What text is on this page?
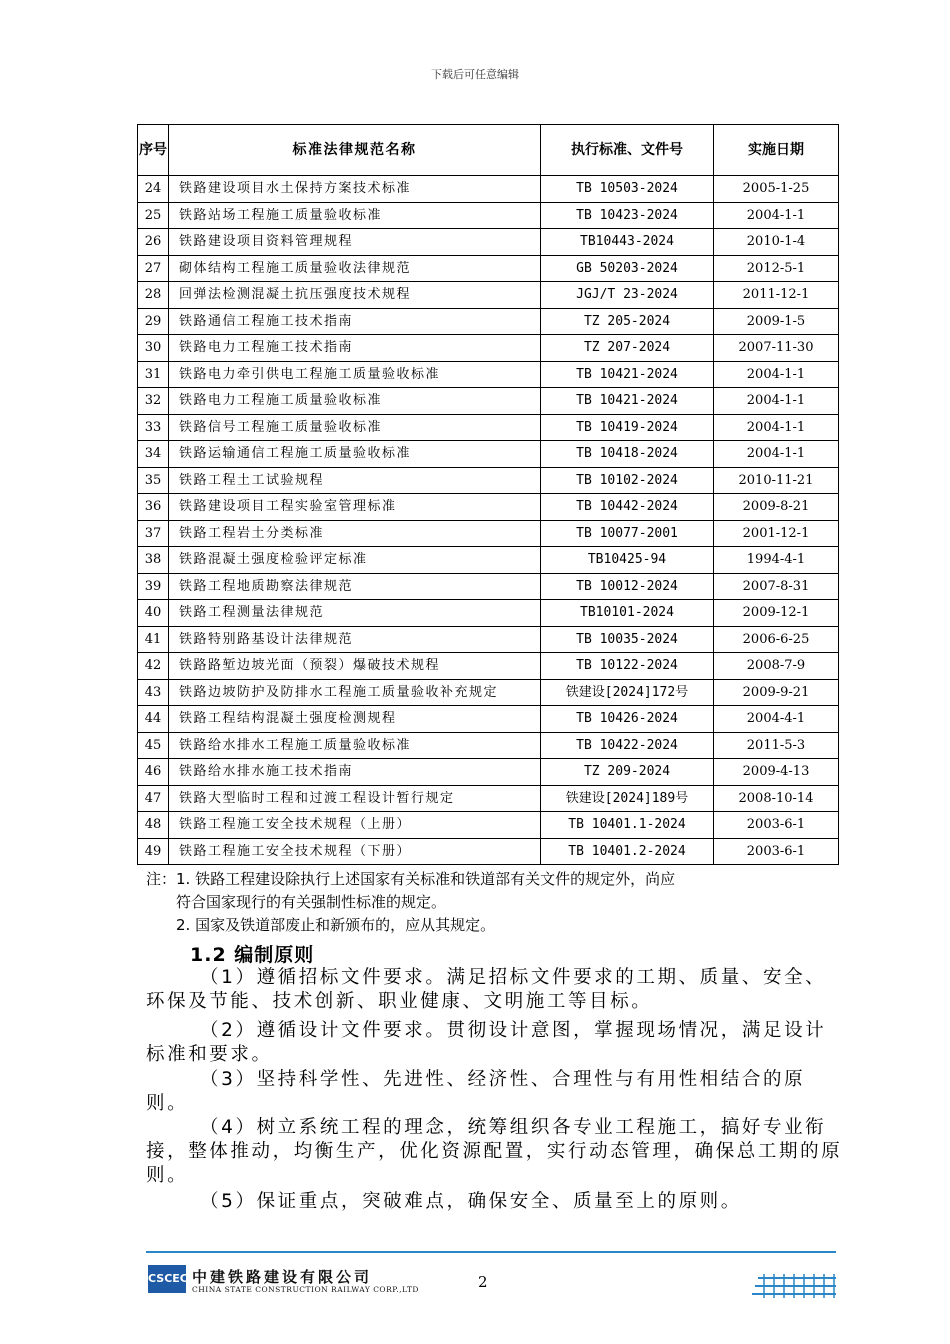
下载后可任意编辑
序号	标准法律规范名称	执行标准、文件号	实施日期
24	铁路建设项目水土保持方案技术标准	TB 10503-2024	2005-1-25
25	铁路站场工程施工质量验收标准	TB 10423-2024	2004-1-1
26	铁路建设项目资料管理规程	TB10443-2024	2010-1-4
27	砌体结构工程施工质量验收法律规范	GB 50203-2024	2012-5-1
28	回弹法检测混凝土抗压强度技术规程	JGJ/T 23-2024	2011-12-1
29	铁路通信工程施工技术指南	TZ 205-2024	2009-1-5
30	铁路电力工程施工技术指南	TZ 207-2024	2007-11-30
31	铁路电力牵引供电工程施工质量验收标准	TB 10421-2024	2004-1-1
32	铁路电力工程施工质量验收标准	TB 10421-2024	2004-1-1
33	铁路信号工程施工质量验收标准	TB 10419-2024	2004-1-1
34	铁路运输通信工程施工质量验收标准	TB 10418-2024	2004-1-1
35	铁路工程土工试验规程	TB 10102-2024	2010-11-21
36	铁路建设项目工程实验室管理标准	TB 10442-2024	2009-8-21
37	铁路工程岩土分类标准	TB 10077-2001	2001-12-1
38	铁路混凝土强度检验评定标准	TB10425-94	1994-4-1
39	铁路工程地质勘察法律规范	TB 10012-2024	2007-8-31
40	铁路工程测量法律规范	TB10101-2024	2009-12-1
41	铁路特别路基设计法律规范	TB 10035-2024	2006-6-25
42	铁路路堑边坡光面（预裂）爆破技术规程	TB 10122-2024	2008-7-9
43	铁路边坡防护及防排水工程施工质量验收补充规定	铁建设[2024]172号	2009-9-21
44	铁路工程结构混凝土强度检测规程	TB 10426-2024	2004-4-1
45	铁路给水排水工程施工质量验收标准	TB 10422-2024	2011-5-3
46	铁路给水排水施工技术指南	TZ 209-2024	2009-4-13
47	铁路大型临时工程和过渡工程设计暂行规定	铁建设[2024]189号	2008-10-14
48	铁路工程施工安全技术规程（上册）	TB 10401.1-2024	2003-6-1
49	铁路工程施工安全技术规程（下册）	TB 10401.2-2024	2003-6-1
注：1. 铁路工程建设除执行上述国家有关标准和铁道部有关文件的规定外，尚应
符合国家现行的有关强制性标准的规定。
2. 国家及铁道部废止和新颁布的，应从其规定。
1.2 编制原则
（1）遵循招标文件要求。满足招标文件要求的工期、质量、安全、环保及节能、技术创新、职业健康、文明施工等目标。
（2）遵循设计文件要求。贯彻设计意图，掌握现场情况，满足设计标准和要求。
（3）坚持科学性、先进性、经济性、合理性与有用性相结合的原则。
（4）树立系统工程的理念，统筹组织各专业工程施工，搞好专业衔接，整体推动，均衡生产，优化资源配置，实行动态管理，确保总工期的原则。
（5）保证重点，突破难点，确保安全、质量至上的原则。
CSCEC 中建铁路建设有限公司
CHINA STATE CONSTRUCTION RAILWAY CORP.,LTD	2
